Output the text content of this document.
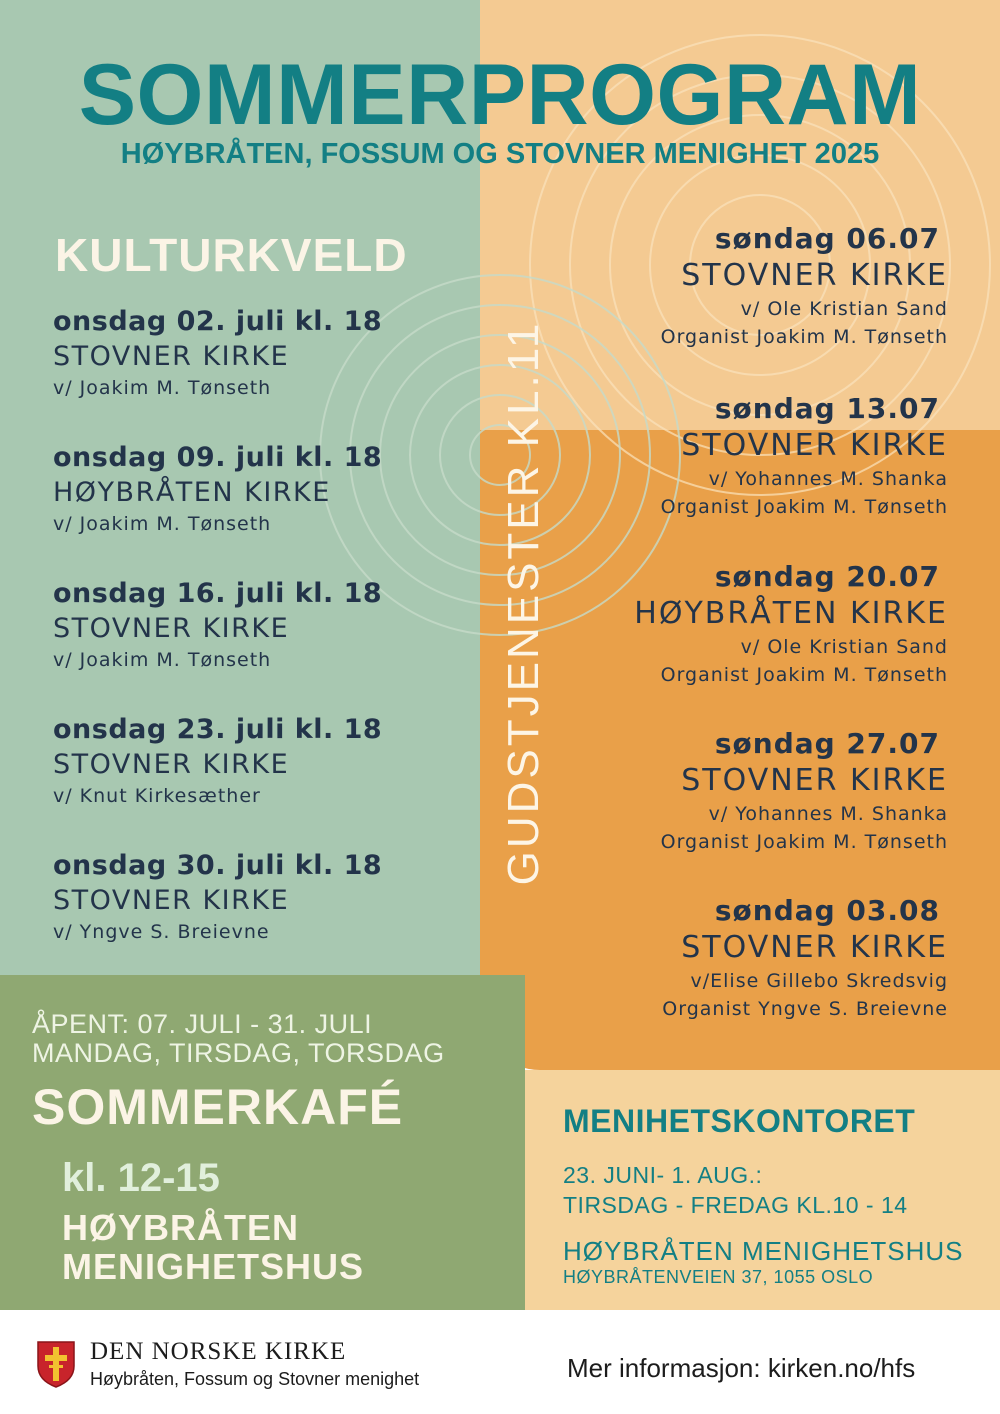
SOMMERPROGRAM
HØYBRÅTEN, FOSSUM OG STOVNER MENIGHET 2025
KULTURKVELD
onsdag 02. juli kl. 18
STOVNER KIRKE
v/ Joakim M. Tønseth
onsdag 09. juli kl. 18
HØYBRÅTEN KIRKE
v/ Joakim M. Tønseth
onsdag 16. juli kl. 18
STOVNER KIRKE
v/ Joakim M. Tønseth
onsdag 23. juli kl. 18
STOVNER KIRKE
v/ Knut Kirkesæther
onsdag 30. juli kl. 18
STOVNER KIRKE
v/ Yngve S. Breievne
GUDSTJENESTER KL.11
søndag 06.07
STOVNER KIRKE
v/ Ole Kristian Sand
Organist Joakim M. Tønseth
søndag 13.07
STOVNER KIRKE
v/ Yohannes M. Shanka
Organist Joakim M. Tønseth
søndag 20.07
HØYBRÅTEN KIRKE
v/ Ole Kristian Sand
Organist Joakim M. Tønseth
søndag 27.07
STOVNER KIRKE
v/ Yohannes M. Shanka
Organist Joakim M. Tønseth
søndag 03.08
STOVNER KIRKE
v/Elise Gillebo Skredsvig
Organist Yngve S. Breievne
ÅPENT: 07. JULI - 31. JULI
MANDAG, TIRSDAG, TORSDAG
SOMMERKAFÉ
kl. 12-15
HØYBRÅTEN
MENIGHETSHUS
MENIHETSKONTORET
23. JUNI- 1. AUG.:
TIRSDAG - FREDAG KL.10 - 14
HØYBRÅTEN MENIGHETSHUS
HØYBRÅTENVEIEN 37, 1055 OSLO
DEN NORSKE KIRKE
Høybråten, Fossum og Stovner menighet	Mer informasjon: kirken.no/hfs
